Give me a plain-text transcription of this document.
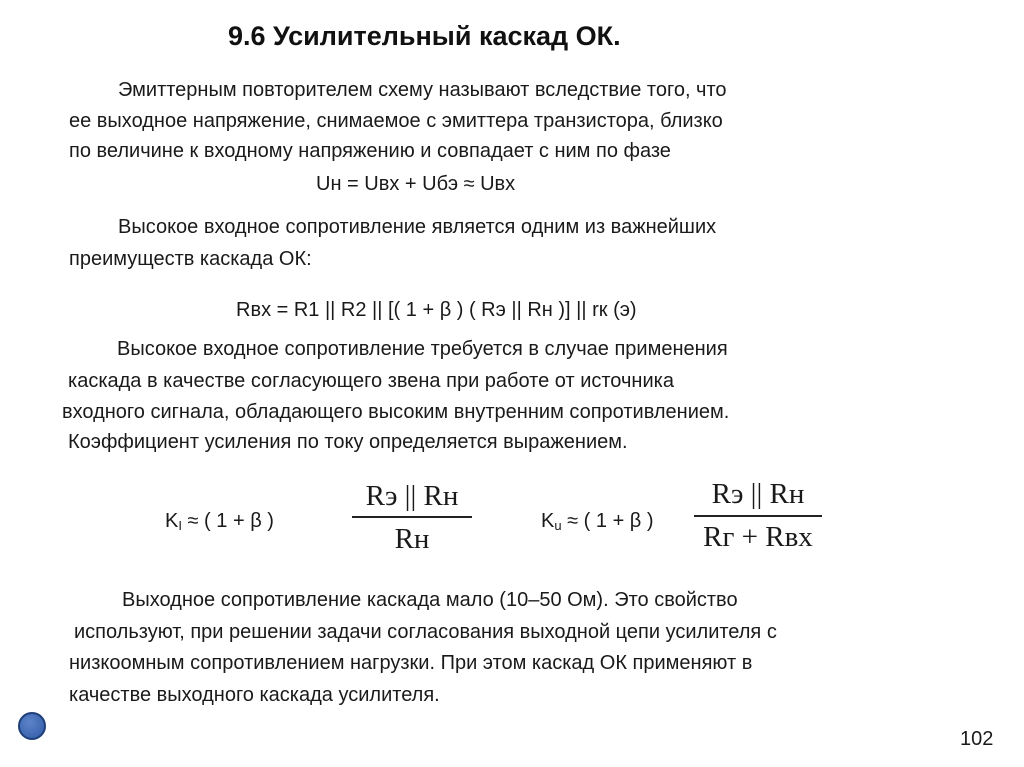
9.6 Усилительный каскад ОК.
Эмиттерным повторителем схему называют вследствие того, что
ее выходное напряжение, снимаемое с эмиттера транзистора, близко
по величине к входному напряжению и совпадает с ним по фазе
Uн = Uвх + Uбэ ≈ Uвх
Высокое входное сопротивление является одним из важнейших
преимуществ каскада ОК:
Rвх = R1 || R2 || [( 1 + β ) ( Rэ || Rн )] || rк (э)
Высокое входное сопротивление требуется в случае применения
каскада в качестве согласующего звена при работе от источника
входного сигнала, обладающего высоким внутренним сопротивлением.
Коэффициент усиления по току определяется выражением.
KI ≈ ( 1 + β )
Rэ || Rн
Rн
Ku ≈ ( 1 + β )
Rэ || Rн
Rг + Rвх
Выходное сопротивление каскада мало (10–50 Ом). Это свойство
используют, при решении задачи согласования выходной цепи усилителя с
низкоомным сопротивлением нагрузки. При этом каскад ОК применяют в
качестве выходного каскада усилителя.
102
